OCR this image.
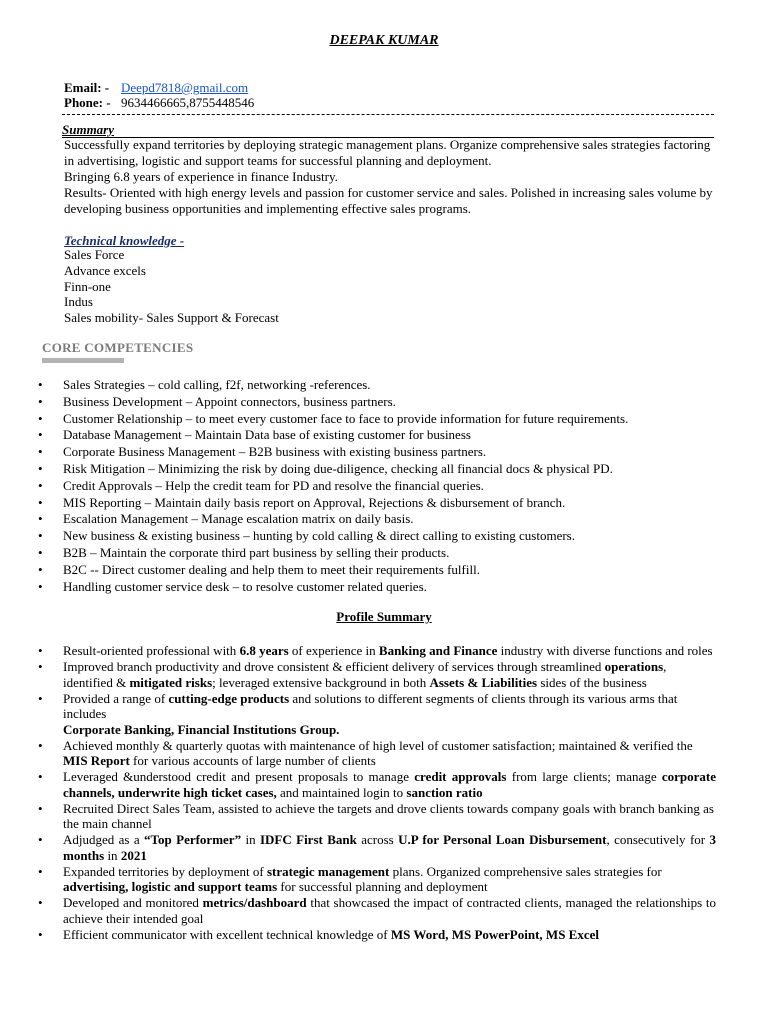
DEEPAK KUMAR
Email: - Deepd7818@gmail.com
Phone: - 9634466665,8755448546
Summary

Successfully expand territories by deploying strategic management plans. Organize comprehensive sales strategies factoring in advertising, logistic and support teams for successful planning and deployment.

Bringing 6.8 years of experience in finance Industry.

Results- Oriented with high energy levels and passion for customer service and sales. Polished in increasing sales volume by developing business opportunities and implementing effective sales programs.

Technical knowledge -
Sales Force
Advance excels
Finn-one
Indus
Sales mobility- Sales Support & Forecast
CORE COMPETENCIES
• Sales Strategies – cold calling, f2f, networking -references.
• Business Development – Appoint connectors, business partners.
• Customer Relationship – to meet every customer face to face to provide information for future requirements.
• Database Management – Maintain Data base of existing customer for business
• Corporate Business Management – B2B business with existing business partners.
• Risk Mitigation – Minimizing the risk by doing due-diligence, checking all financial docs & physical PD.
• Credit Approvals – Help the credit team for PD and resolve the financial queries.
• MIS Reporting – Maintain daily basis report on Approval, Rejections & disbursement of branch.
• Escalation Management – Manage escalation matrix on daily basis.
• New business & existing business – hunting by cold calling & direct calling to existing customers.
• B2B – Maintain the corporate third part business by selling their products.
• B2C -- Direct customer dealing and help them to meet their requirements fulfill.
• Handling customer service desk – to resolve customer related queries.
Profile Summary
• Result-oriented professional with 6.8 years of experience in Banking and Finance industry with diverse functions and roles
• Improved branch productivity and drove consistent & efficient delivery of services through streamlined operations, identified & mitigated risks; leveraged extensive background in both Assets & Liabilities sides of the business
• Provided a range of cutting-edge products and solutions to different segments of clients through its various arms that includes
Corporate Banking, Financial Institutions Group.
• Achieved monthly & quarterly quotas with maintenance of high level of customer satisfaction; maintained & verified the MIS Report for various accounts of large number of clients
• Leveraged &understood credit and present proposals to manage credit approvals from large clients; manage corporate channels, underwrite high ticket cases, and maintained login to sanction ratio
• Recruited Direct Sales Team, assisted to achieve the targets and drove clients towards company goals with branch banking as the main channel
• Adjudged as a “Top Performer” in IDFC First Bank across U.P for Personal Loan Disbursement, consecutively for 3 months in 2021
• Expanded territories by deployment of strategic management plans. Organized comprehensive sales strategies for
advertising, logistic and support teams for successful planning and deployment
• Developed and monitored metrics/dashboard that showcased the impact of contracted clients, managed the relationships to achieve their intended goal
• Efficient communicator with excellent technical knowledge of MS Word, MS PowerPoint, MS Excel
